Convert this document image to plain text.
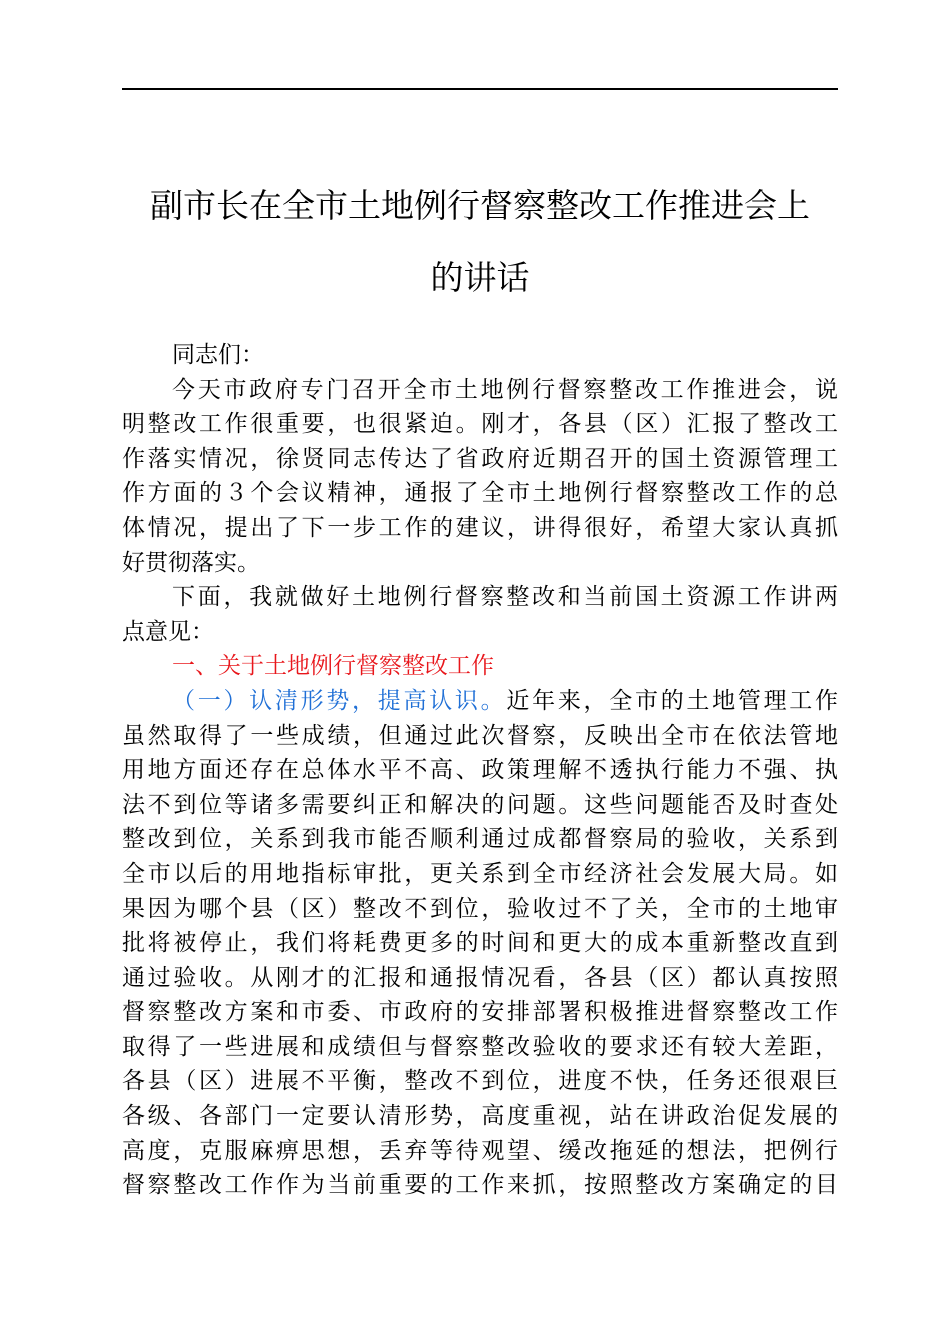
副市长在全市土地例行督察整改工作推进会上
的讲话

同志们：

今天市政府专门召开全市土地例行督察整改工作推进会，说
明整改工作很重要，也很紧迫。刚才，各县（区）汇报了整改工
作落实情况，徐贤同志传达了省政府近期召开的国土资源管理工
作方面的３个会议精神，通报了全市土地例行督察整改工作的总
体情况，提出了下一步工作的建议，讲得很好，希望大家认真抓
好贯彻落实。

下面，我就做好土地例行督察整改和当前国土资源工作讲两
点意见：

一、关于土地例行督察整改工作

（一）认清形势，提高认识。近年来，全市的土地管理工作
虽然取得了一些成绩，但通过此次督察，反映出全市在依法管地
用地方面还存在总体水平不高、政策理解不透执行能力不强、执
法不到位等诸多需要纠正和解决的问题。这些问题能否及时查处
整改到位，关系到我市能否顺利通过成都督察局的验收，关系到
全市以后的用地指标审批，更关系到全市经济社会发展大局。如
果因为哪个县（区）整改不到位，验收过不了关，全市的土地审
批将被停止，我们将耗费更多的时间和更大的成本重新整改直到
通过验收。从刚才的汇报和通报情况看，各县（区）都认真按照
督察整改方案和市委、市政府的安排部署积极推进督察整改工作
取得了一些进展和成绩但与督察整改验收的要求还有较大差距，
各县（区）进展不平衡，整改不到位，进度不快，任务还很艰巨
各级、各部门一定要认清形势，高度重视，站在讲政治促发展的
高度，克服麻痹思想，丢弃等待观望、缓改拖延的想法，把例行
督察整改工作作为当前重要的工作来抓，按照整改方案确定的目
